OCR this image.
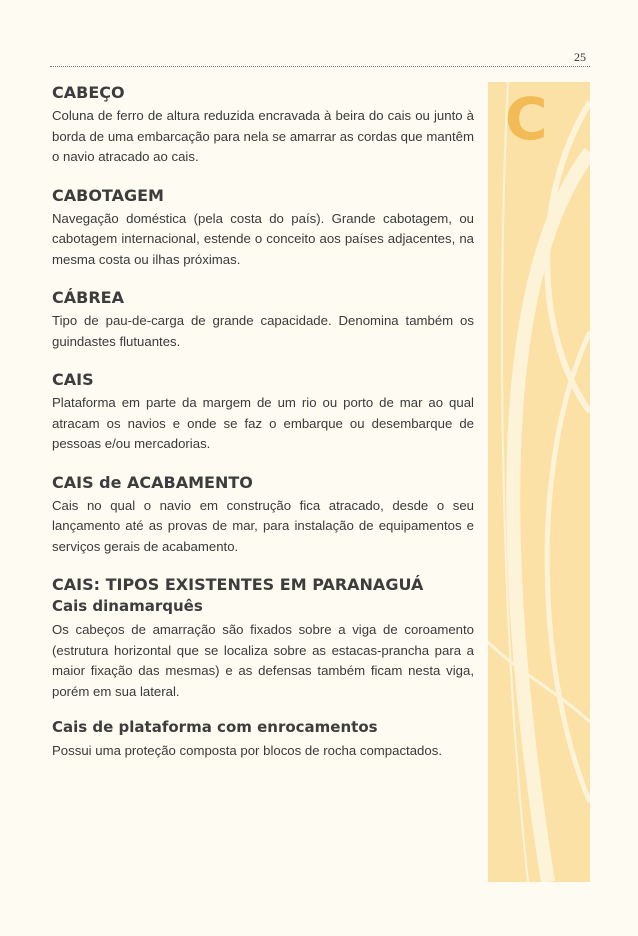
25
C
CABEÇO

Coluna de ferro de altura reduzida encravada à beira do cais ou junto à borda de uma embarcação para nela se amarrar as cordas que mantêm o navio atracado ao cais.

CABOTAGEM

Navegação doméstica (pela costa do país). Grande cabotagem, ou cabotagem internacional, estende o conceito aos países adjacentes, na mesma costa ou ilhas próximas.

CÁBREA

Tipo de pau-de-carga de grande capacidade. Denomina também os guindastes flutuantes.

CAIS

Plataforma em parte da margem de um rio ou porto de mar ao qual atracam os navios e onde se faz o embarque ou desembarque de pessoas e/ou mercadorias.

CAIS de ACABAMENTO

Cais no qual o navio em construção fica atracado, desde o seu lançamento até as provas de mar, para instalação de equipamentos e serviços gerais de acabamento.

CAIS: TIPOS EXISTENTES EM PARANAGUÁ
Cais dinamarquês

Os cabeços de amarração são fixados sobre a viga de coroamento (estrutura horizontal que se localiza sobre as estacas-prancha para a maior fixação das mesmas) e as defensas também ficam nesta viga, porém em sua lateral.

Cais de plataforma com enrocamentos

Possui uma proteção composta por blocos de rocha compactados.
